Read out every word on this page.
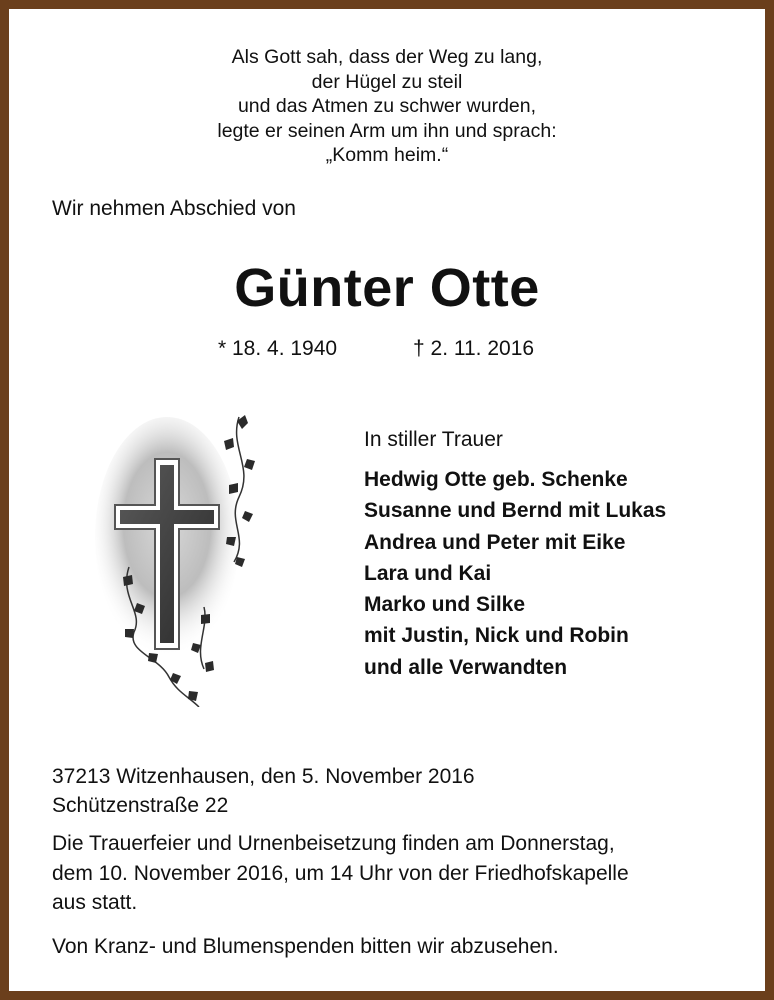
Als Gott sah, dass der Weg zu lang,
der Hügel zu steil
und das Atmen zu schwer wurden,
legte er seinen Arm um ihn und sprach:
„Komm heim.“
Wir nehmen Abschied von
Günter Otte
* 18. 4. 1940	† 2. 11. 2016
In stiller Trauer
Hedwig Otte geb. Schenke
Susanne und Bernd mit Lukas
Andrea und Peter mit Eike
Lara und Kai
Marko und Silke
mit Justin, Nick und Robin
und alle Verwandten
37213 Witzenhausen, den 5. November 2016
Schützenstraße 22
Die Trauerfeier und Urnenbeisetzung finden am Donnerstag,
dem 10. November 2016, um 14 Uhr von der Friedhofskapelle
aus statt.
Von Kranz- und Blumenspenden bitten wir abzusehen.
